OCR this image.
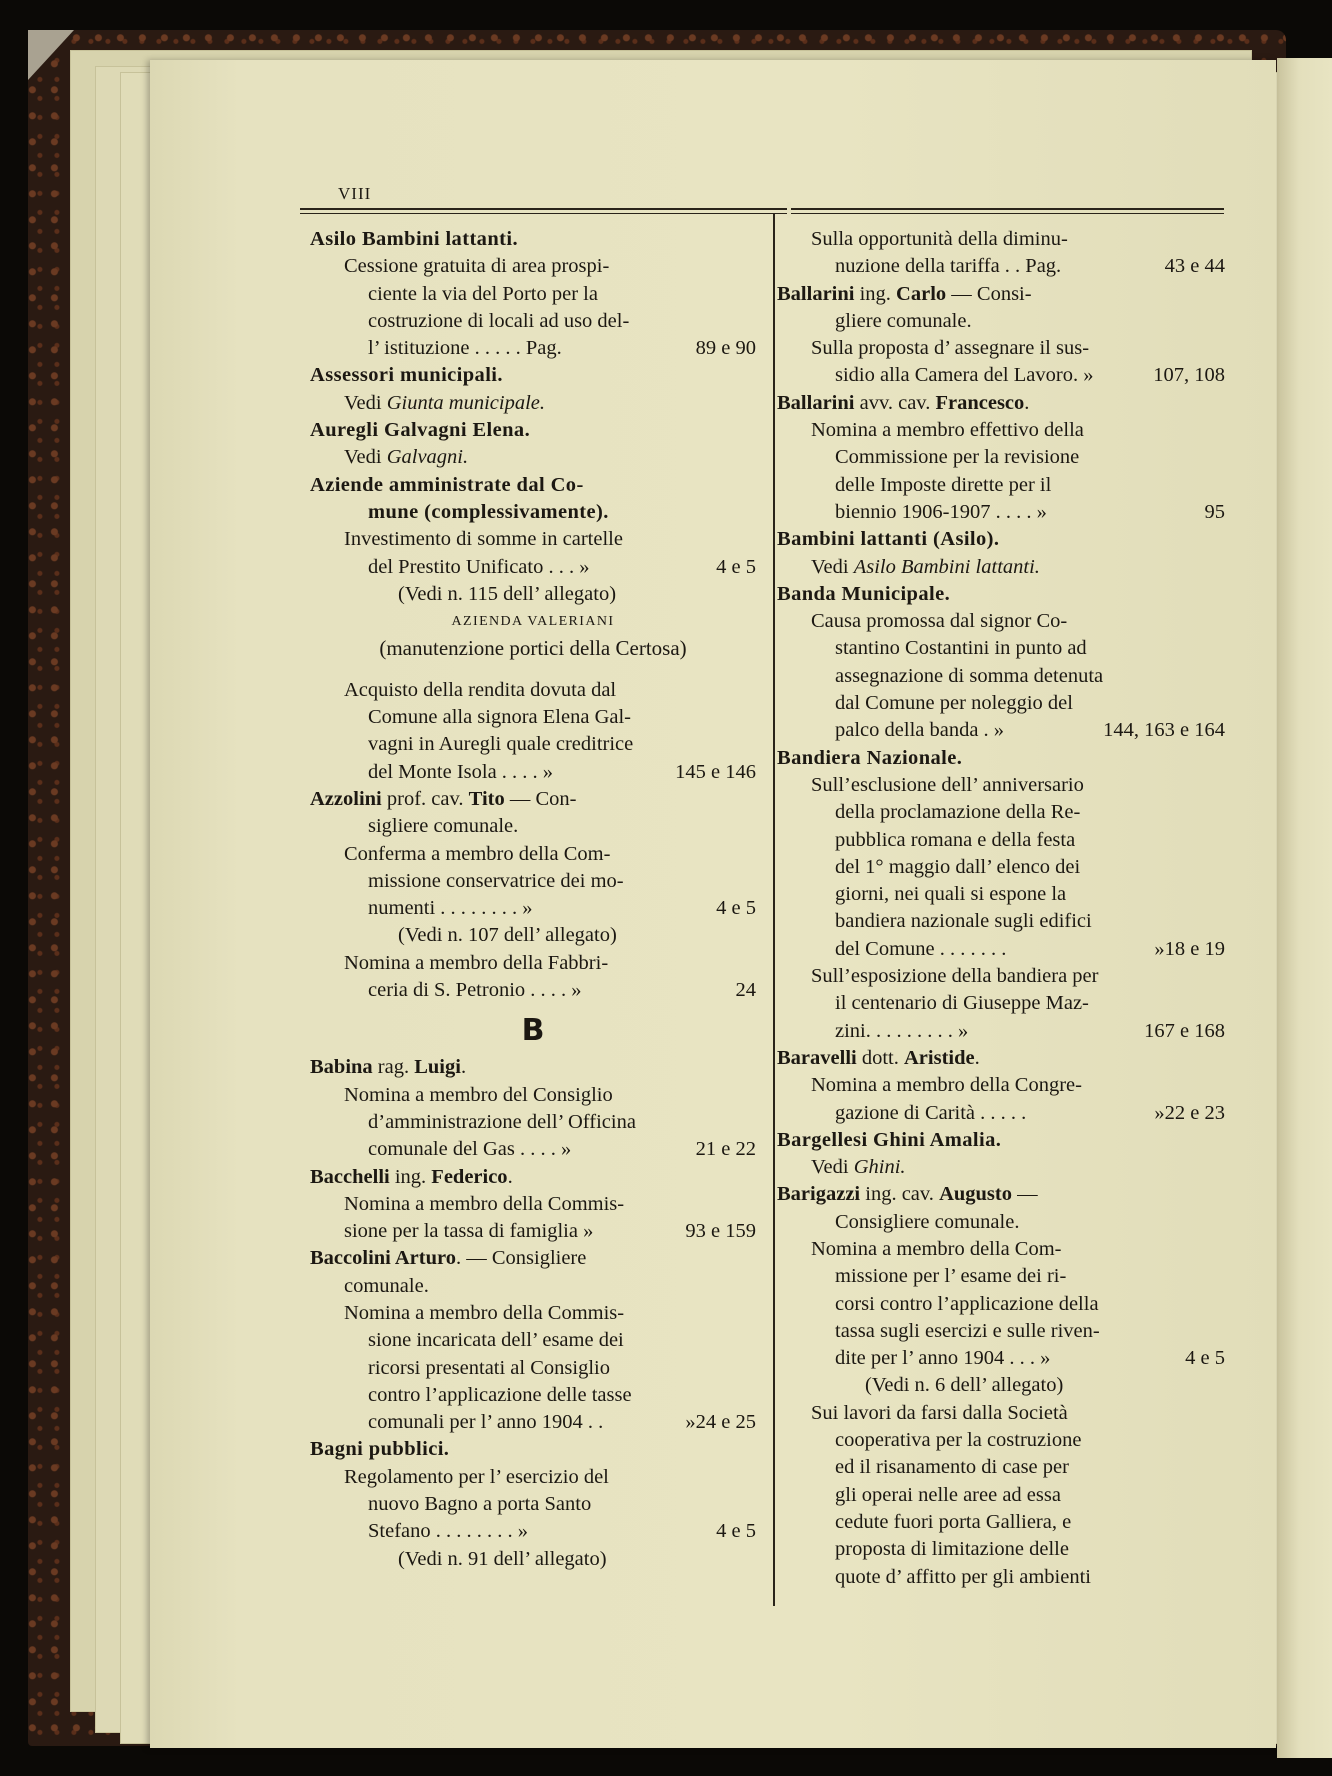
VIII
Asilo Bambini lattanti.
Cessione gratuita di area prospi-
ciente la via del Porto per la
costruzione di locali ad uso del-
l’ istituzione . . . . . Pag.	89 e 90
Assessori municipali.
Vedi Giunta municipale.
Auregli Galvagni Elena.
Vedi Galvagni.
Aziende amministrate dal Co-
mune (complessivamente).
Investimento di somme in cartelle
del Prestito Unificato . . . »	4 e 5
(Vedi n. 115 dell’ allegato)
AZIENDA VALERIANI
(manutenzione portici della Certosa)
Acquisto della rendita dovuta dal
Comune alla signora Elena Gal-
vagni in Auregli quale creditrice
del Monte Isola . . . . »	145 e 146
Azzolini prof. cav. Tito — Con-
sigliere comunale.
Conferma a membro della Com-
missione conservatrice dei mo-
numenti . . . . . . . . »	4 e 5
(Vedi n. 107 dell’ allegato)
Nomina a membro della Fabbri-
ceria di S. Petronio . . . . »	24
B
Babina rag. Luigi.
Nomina a membro del Consiglio
d’amministrazione dell’ Officina
comunale del Gas . . . . »	21 e 22
Bacchelli ing. Federico.
Nomina a membro della Commis-
sione per la tassa di famiglia »	93 e 159
Baccolini Arturo. — Consigliere
comunale.
Nomina a membro della Commis-
sione incaricata dell’ esame dei
ricorsi presentati al Consiglio
contro l’applicazione delle tasse
comunali per l’ anno 1904 . .	»24 e 25
Bagni pubblici.
Regolamento per l’ esercizio del
nuovo Bagno a porta Santo
Stefano . . . . . . . . »	4 e 5
(Vedi n. 91 dell’ allegato)
Sulla opportunità della diminu-
nuzione della tariffa . . Pag.	43 e 44
Ballarini ing. Carlo — Consi-
gliere comunale.
Sulla proposta d’ assegnare il sus-
sidio alla Camera del Lavoro. »	107, 108
Ballarini avv. cav. Francesco.
Nomina a membro effettivo della
Commissione per la revisione
delle Imposte dirette per il
biennio 1906-1907 . . . . »	95
Bambini lattanti (Asilo).
Vedi Asilo Bambini lattanti.
Banda Municipale.
Causa promossa dal signor Co-
stantino Costantini in punto ad
assegnazione di somma detenuta
dal Comune per noleggio del
palco della banda . »	144, 163 e 164
Bandiera Nazionale.
Sull’esclusione dell’ anniversario
della proclamazione della Re-
pubblica romana e della festa
del 1° maggio dall’ elenco dei
giorni, nei quali si espone la
bandiera nazionale sugli edifici
del Comune . . . . . . .	»18 e 19
Sull’esposizione della bandiera per
il centenario di Giuseppe Maz-
zini. . . . . . . . . »	167 e 168
Baravelli dott. Aristide.
Nomina a membro della Congre-
gazione di Carità . . . . .	»22 e 23
Bargellesi Ghini Amalia.
Vedi Ghini.
Barigazzi ing. cav. Augusto —
Consigliere comunale.
Nomina a membro della Com-
missione per l’ esame dei ri-
corsi contro l’applicazione della
tassa sugli esercizi e sulle riven-
dite per l’ anno 1904 . . . »	4 e 5
(Vedi n. 6 dell’ allegato)
Sui lavori da farsi dalla Società
cooperativa per la costruzione
ed il risanamento di case per
gli operai nelle aree ad essa
cedute fuori porta Galliera, e
proposta di limitazione delle
quote d’ affitto per gli ambienti
